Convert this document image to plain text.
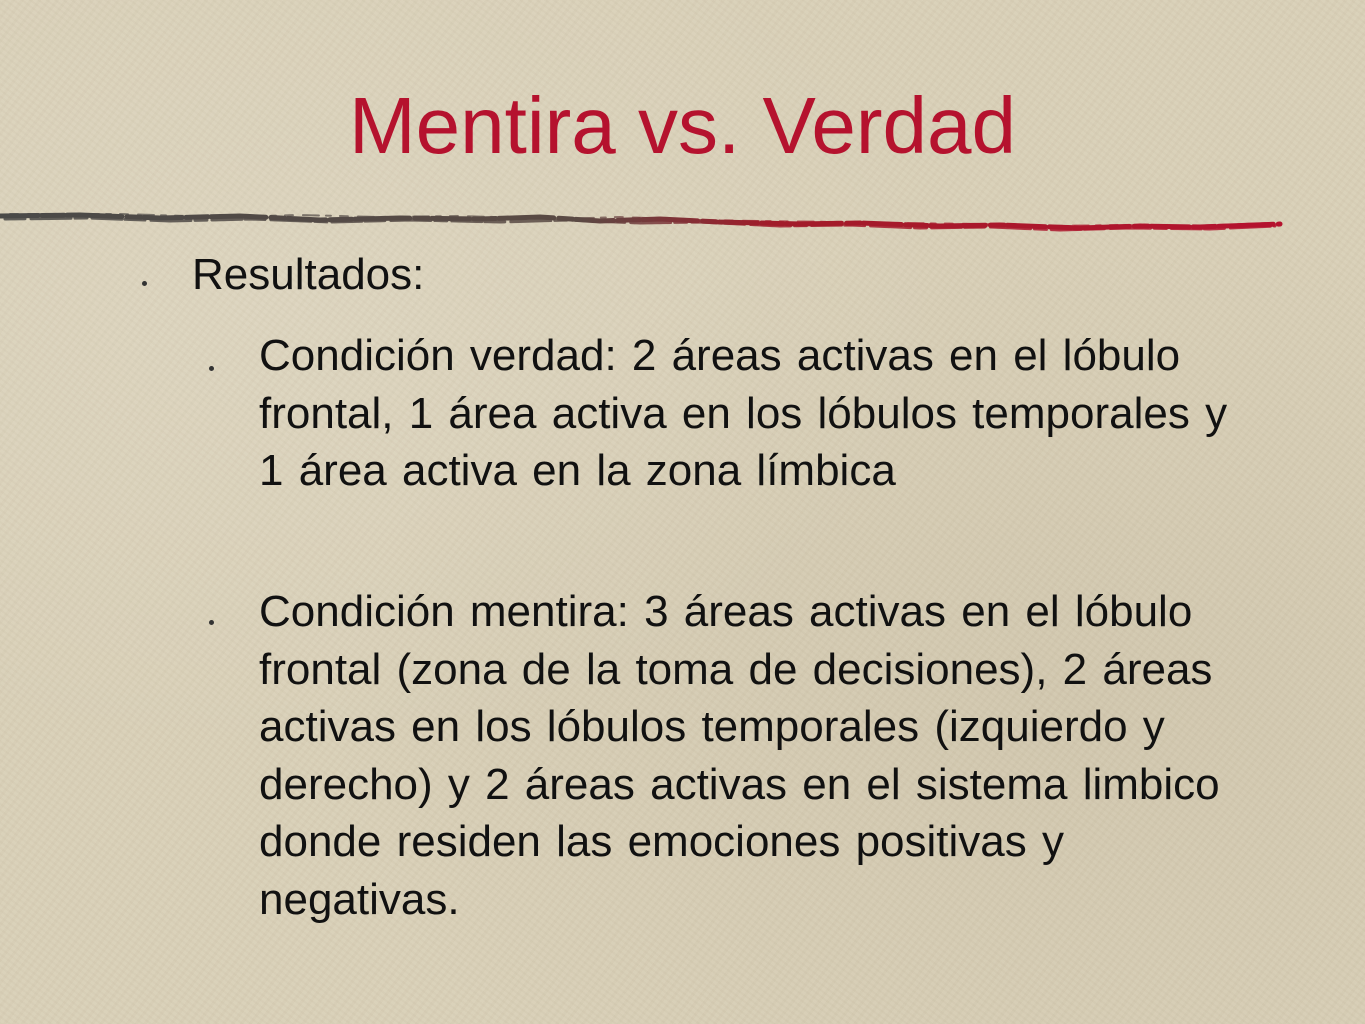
Mentira vs. Verdad
Resultados:
Condición verdad: 2 áreas activas en el lóbulo frontal, 1 área activa en los lóbulos temporales y 1 área activa en la zona límbica
Condición mentira: 3 áreas activas en el lóbulo frontal (zona de la toma de decisiones), 2 áreas activas en los lóbulos temporales (izquierdo y derecho) y 2 áreas activas en el sistema limbico donde residen las emociones positivas y negativas.
